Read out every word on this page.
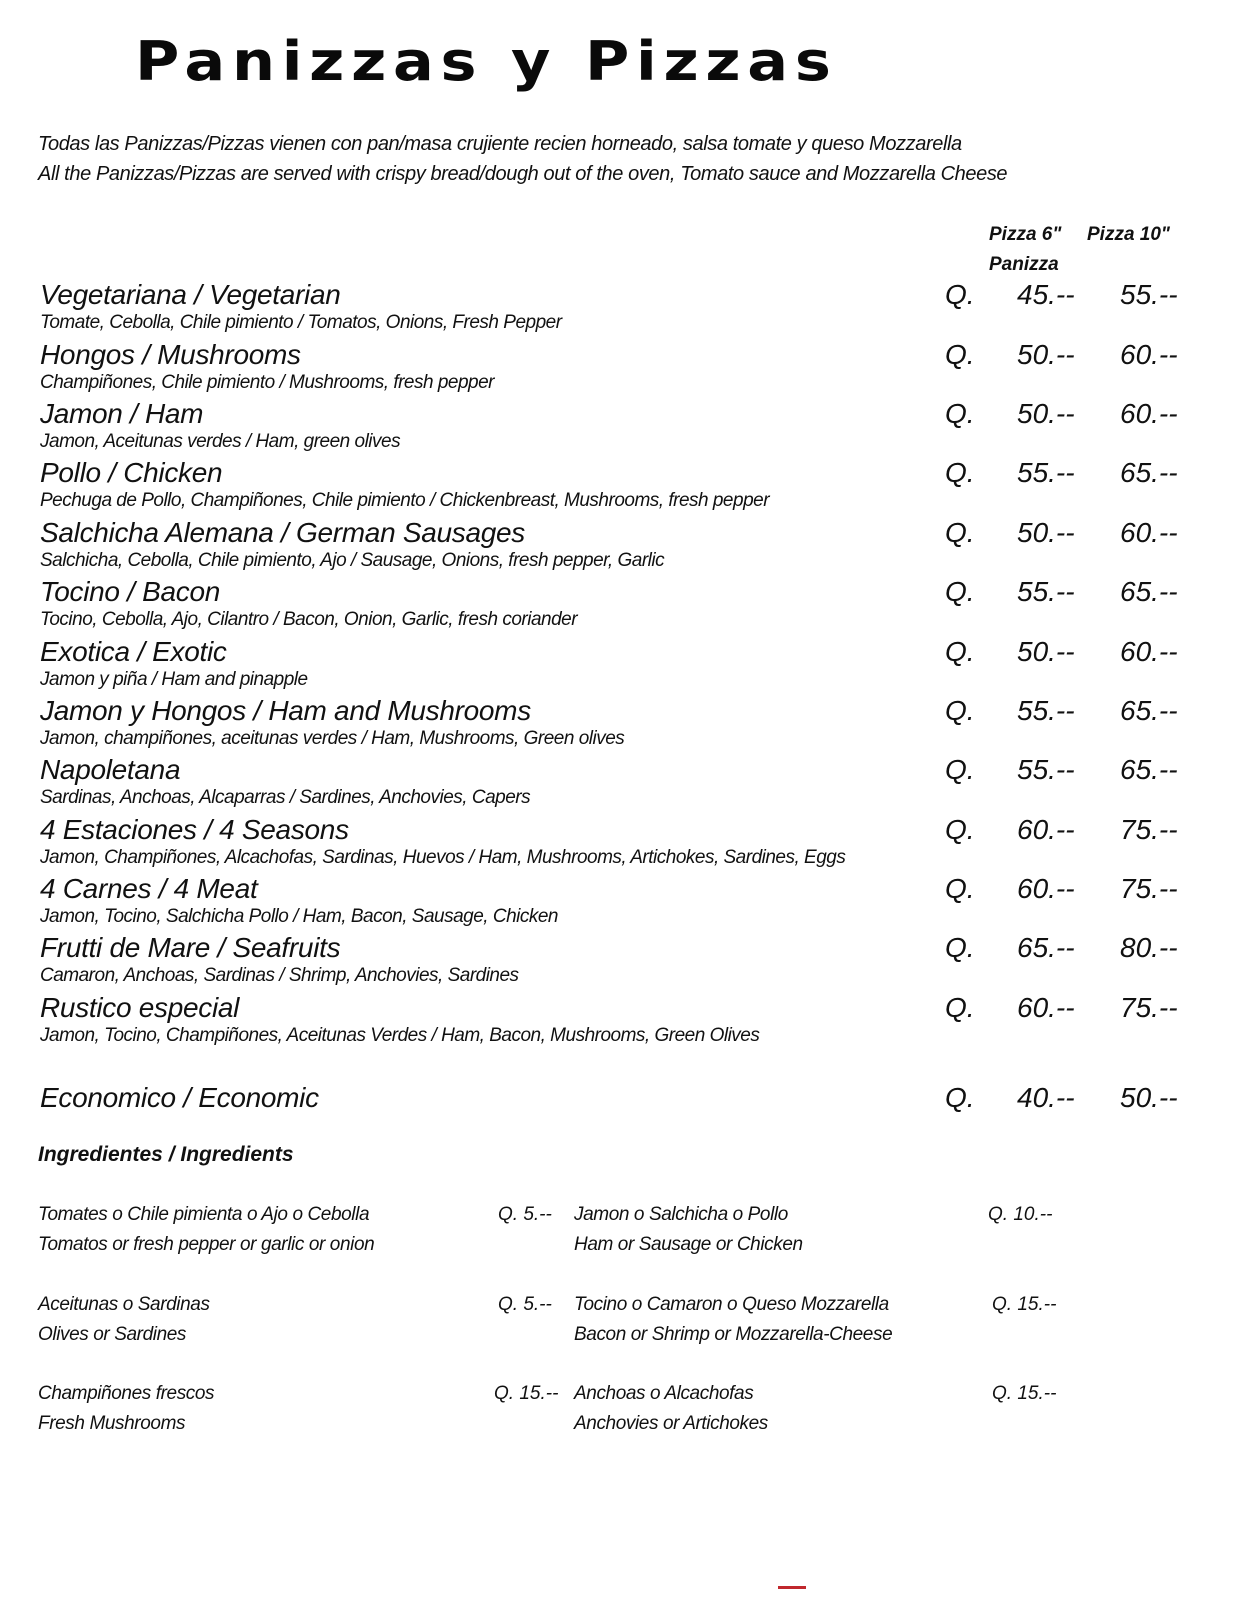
Panizzas y Pizzas
Todas las Panizzas/Pizzas vienen con pan/masa crujiente recien horneado, salsa tomate y queso Mozzarella
All the Panizzas/Pizzas are served with crispy bread/dough out of the oven, Tomato sauce and Mozzarella Cheese
Pizza 6"
Panizza
Pizza 10"
Vegetariana / Vegetarian
Tomate, Cebolla, Chile pimiento / Tomatos, Onions, Fresh Pepper
Q. 45.-- 55.--
Hongos / Mushrooms
Champiñones, Chile pimiento / Mushrooms, fresh pepper
Q. 50.-- 60.--
Jamon / Ham
Jamon, Aceitunas verdes / Ham, green olives
Q. 50.-- 60.--
Pollo / Chicken
Pechuga de Pollo, Champiñones, Chile pimiento / Chickenbreast, Mushrooms, fresh pepper
Q. 55.-- 65.--
Salchicha Alemana / German Sausages
Salchicha, Cebolla, Chile pimiento, Ajo / Sausage, Onions, fresh pepper, Garlic
Q. 50.-- 60.--
Tocino / Bacon
Tocino, Cebolla, Ajo, Cilantro / Bacon, Onion, Garlic, fresh coriander
Q. 55.-- 65.--
Exotica / Exotic
Jamon y piña / Ham and pinapple
Q. 50.-- 60.--
Jamon y Hongos / Ham and Mushrooms
Jamon, champiñones, aceitunas verdes / Ham, Mushrooms, Green olives
Q. 55.-- 65.--
Napoletana
Sardinas, Anchoas, Alcaparras / Sardines, Anchovies, Capers
Q. 55.-- 65.--
4 Estaciones / 4 Seasons
Jamon, Champiñones, Alcachofas, Sardinas, Huevos / Ham, Mushrooms, Artichokes, Sardines, Eggs
Q. 60.-- 75.--
4 Carnes / 4 Meat
Jamon, Tocino, Salchicha Pollo / Ham, Bacon, Sausage, Chicken
Q. 60.-- 75.--
Frutti de Mare / Seafruits
Camaron, Anchoas, Sardinas / Shrimp, Anchovies, Sardines
Q. 65.-- 80.--
Rustico especial
Jamon, Tocino, Champiñones, Aceitunas Verdes / Ham, Bacon, Mushrooms, Green Olives
Q. 60.-- 75.--
Economico / Economic	Q. 40.-- 50.--
Ingredientes / Ingredients
Tomates o Chile pimienta o Ajo o Cebolla
Tomatos or fresh pepper or garlic or onion
Q. 5.-- Jamon o Salchicha o Pollo
Ham or Sausage or Chicken
Q. 10.--
Aceitunas o Sardinas
Olives or Sardines
Q. 5.-- Tocino o Camaron o Queso Mozzarella
Bacon or Shrimp or Mozzarella-Cheese
Q. 15.--
Champiñones frescos
Fresh Mushrooms
Q. 15.-- Anchoas o Alcachofas
Anchovies or Artichokes
Q. 15.--
